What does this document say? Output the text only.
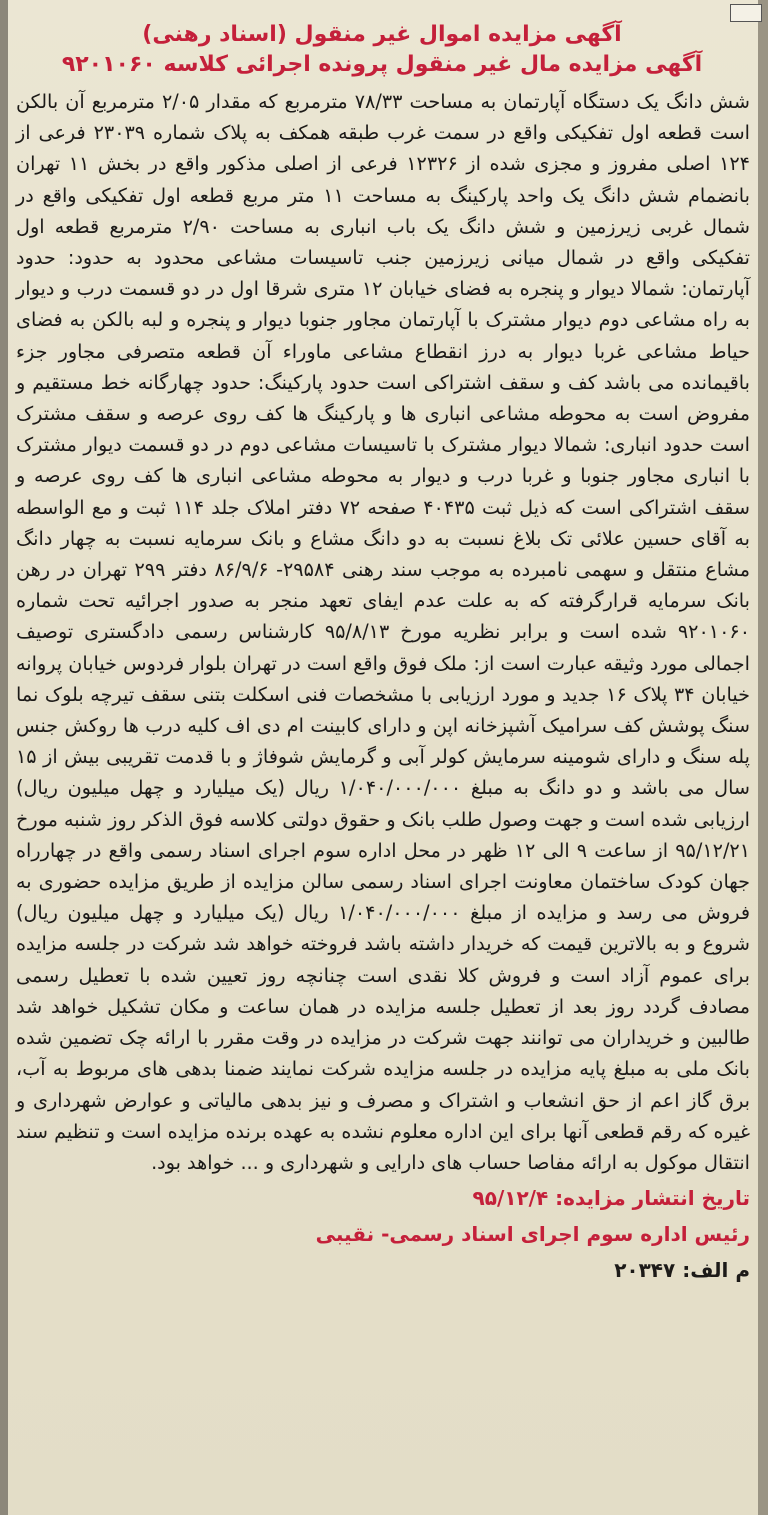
آگهی مزایده اموال غیر منقول (اسناد رهنی)
آگهی مزایده مال غیر منقول پرونده اجرائی کلاسه ۹۲۰۱۰۶۰
شش دانگ یک دستگاه آپارتمان به مساحت ۷۸/۳۳ مترمربع که مقدار ۲/۰۵ مترمربع آن بالکن است قطعه اول تفکیکی واقع در سمت غرب طبقه همکف به پلاک شماره ۲۳۰۳۹ فرعی از ۱۲۴ اصلی مفروز و مجزی شده از ۱۲۳۲۶ فرعی از اصلی مذکور واقع در بخش ۱۱ تهران بانضمام شش دانگ یک واحد پارکینگ به مساحت ۱۱ متر مربع قطعه اول تفکیکی واقع در شمال غربی زیرزمین و شش دانگ یک باب انباری به مساحت ۲/۹۰ مترمربع قطعه اول تفکیکی واقع در شمال میانی زیرزمین جنب تاسیسات مشاعی محدود به حدود: حدود آپارتمان: شمالا دیوار و پنجره به فضای خیابان ۱۲ متری شرقا اول در دو قسمت درب و دیوار به راه مشاعی دوم دیوار مشترک با آپارتمان مجاور جنوبا دیوار و پنجره و لبه بالکن به فضای حیاط مشاعی غربا دیوار به درز انقطاع مشاعی ماوراء آن قطعه متصرفی مجاور جزء باقیمانده می باشد کف و سقف اشتراکی است حدود پارکینگ: حدود چهارگانه خط مستقیم و مفروض است به محوطه مشاعی انباری ها و پارکینگ ها کف روی عرصه و سقف مشترک است حدود انباری: شمالا دیوار مشترک با تاسیسات مشاعی دوم در دو قسمت دیوار مشترک با انباری مجاور جنوبا و غربا درب و دیوار به محوطه مشاعی انباری ها کف روی عرصه و سقف اشتراکی است که ذیل ثبت ۴۰۴۳۵ صفحه ۷۲ دفتر املاک جلد ۱۱۴ ثبت و مع الواسطه به آقای حسین علائی تک بلاغ نسبت به دو دانگ مشاع و بانک سرمایه نسبت به چهار دانگ مشاع منتقل و سهمی نامبرده به موجب سند رهنی ۲۹۵۸۴- ۸۶/۹/۶ دفتر ۲۹۹ تهران در رهن بانک سرمایه قرارگرفته که به علت عدم ایفای تعهد منجر به صدور اجرائیه تحت شماره ۹۲۰۱۰۶۰ شده است و برابر نظریه مورخ ۹۵/۸/۱۳ کارشناس رسمی دادگستری توصیف اجمالی مورد وثیقه عبارت است از: ملک فوق واقع است در تهران بلوار فردوس خیابان پروانه خیابان ۳۴ پلاک ۱۶ جدید و مورد ارزیابی با مشخصات فنی اسکلت بتنی سقف تیرچه بلوک نما سنگ پوشش کف سرامیک آشپزخانه اپن و دارای کابینت ام دی اف کلیه درب ها روکش جنس پله سنگ و دارای شومینه سرمایش کولر آبی و گرمایش شوفاژ و با قدمت تقریبی بیش از ۱۵ سال می باشد و دو دانگ به مبلغ ۱/۰۴۰/۰۰۰/۰۰۰ ریال (یک میلیارد و چهل میلیون ریال) ارزیابی شده است و جهت وصول طلب بانک و حقوق دولتی کلاسه فوق الذکر روز شنبه مورخ ۹۵/۱۲/۲۱ از ساعت ۹ الی ۱۲ ظهر در محل اداره سوم اجرای اسناد رسمی واقع در چهارراه جهان کودک ساختمان معاونت اجرای اسناد رسمی سالن مزایده از طریق مزایده حضوری به فروش می رسد و مزایده از مبلغ ۱/۰۴۰/۰۰۰/۰۰۰ ریال (یک میلیارد و چهل میلیون ریال) شروع و به بالاترین قیمت که خریدار داشته باشد فروخته خواهد شد شرکت در جلسه مزایده برای عموم آزاد است و فروش کلا نقدی است چنانچه روز تعیین شده با تعطیل رسمی مصادف گردد روز بعد از تعطیل جلسه مزایده در همان ساعت و مکان تشکیل خواهد شد طالبین و خریداران می توانند جهت شرکت در مزایده در وقت مقرر با ارائه چک تضمین شده بانک ملی به مبلغ پایه مزایده در جلسه مزایده شرکت نمایند ضمنا بدهی های مربوط به آب، برق گاز اعم از حق انشعاب و اشتراک و مصرف و نیز بدهی مالیاتی و عوارض شهرداری و غیره که رقم قطعی آنها برای این اداره معلوم نشده به عهده برنده مزایده است و تنظیم سند انتقال موکول به ارائه مفاصا حساب های دارایی و شهرداری و ... خواهد بود.
تاریخ انتشار مزایده: ۹۵/۱۲/۴
رئیس اداره سوم اجرای اسناد رسمی- نقیبی
م الف: ۲۰۳۴۷
